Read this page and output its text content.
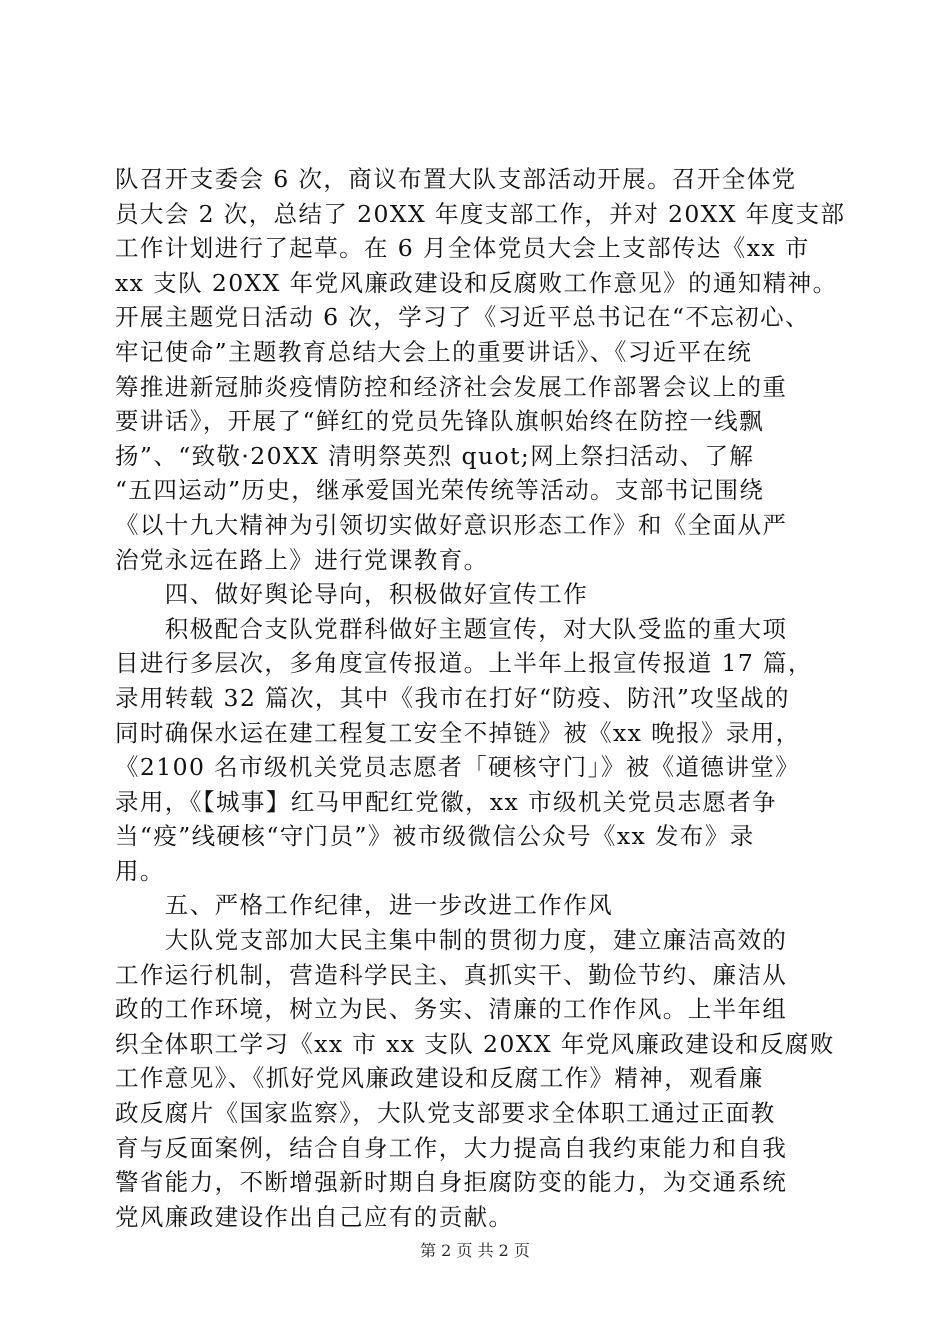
队召开支委会 6 次，商议布置大队支部活动开展。召开全体党
员大会 2 次，总结了 20XX 年度支部工作，并对 20XX 年度支部
工作计划进行了起草。在 6 月全体党员大会上支部传达《xx 市
xx 支队 20XX 年党风廉政建设和反腐败工作意见》的通知精神。
开展主题党日活动 6 次，学习了《习近平总书记在“不忘初心、
牢记使命”主题教育总结大会上的重要讲话》、《习近平在统
筹推进新冠肺炎疫情防控和经济社会发展工作部署会议上的重
要讲话》，开展了“鲜红的党员先锋队旗帜始终在防控一线飘
扬”、“致敬·20XX 清明祭英烈 quot;网上祭扫活动、了解
“五四运动”历史，继承爱国光荣传统等活动。支部书记围绕
《以十九大精神为引领切实做好意识形态工作》和《全面从严
治党永远在路上》进行党课教育。
　　四、做好舆论导向，积极做好宣传工作
　　积极配合支队党群科做好主题宣传，对大队受监的重大项
目进行多层次，多角度宣传报道。上半年上报宣传报道 17 篇，
录用转载 32 篇次，其中《我市在打好“防疫、防汛”攻坚战的
同时确保水运在建工程复工安全不掉链》被《xx 晚报》录用，
《2100 名市级机关党员志愿者「硬核守门」》被《道德讲堂》
录用，《【城事】红马甲配红党徽，xx 市级机关党员志愿者争
当“疫”线硬核“守门员”》被市级微信公众号《xx 发布》录
用。
　　五、严格工作纪律，进一步改进工作作风
　　大队党支部加大民主集中制的贯彻力度，建立廉洁高效的
工作运行机制，营造科学民主、真抓实干、勤俭节约、廉洁从
政的工作环境，树立为民、务实、清廉的工作作风。上半年组
织全体职工学习《xx 市 xx 支队 20XX 年党风廉政建设和反腐败
工作意见》、《抓好党风廉政建设和反腐工作》精神，观看廉
政反腐片《国家监察》，大队党支部要求全体职工通过正面教
育与反面案例，结合自身工作，大力提高自我约束能力和自我
警省能力，不断增强新时期自身拒腐防变的能力，为交通系统
党风廉政建设作出自己应有的贡献。
第 2 页 共 2 页
